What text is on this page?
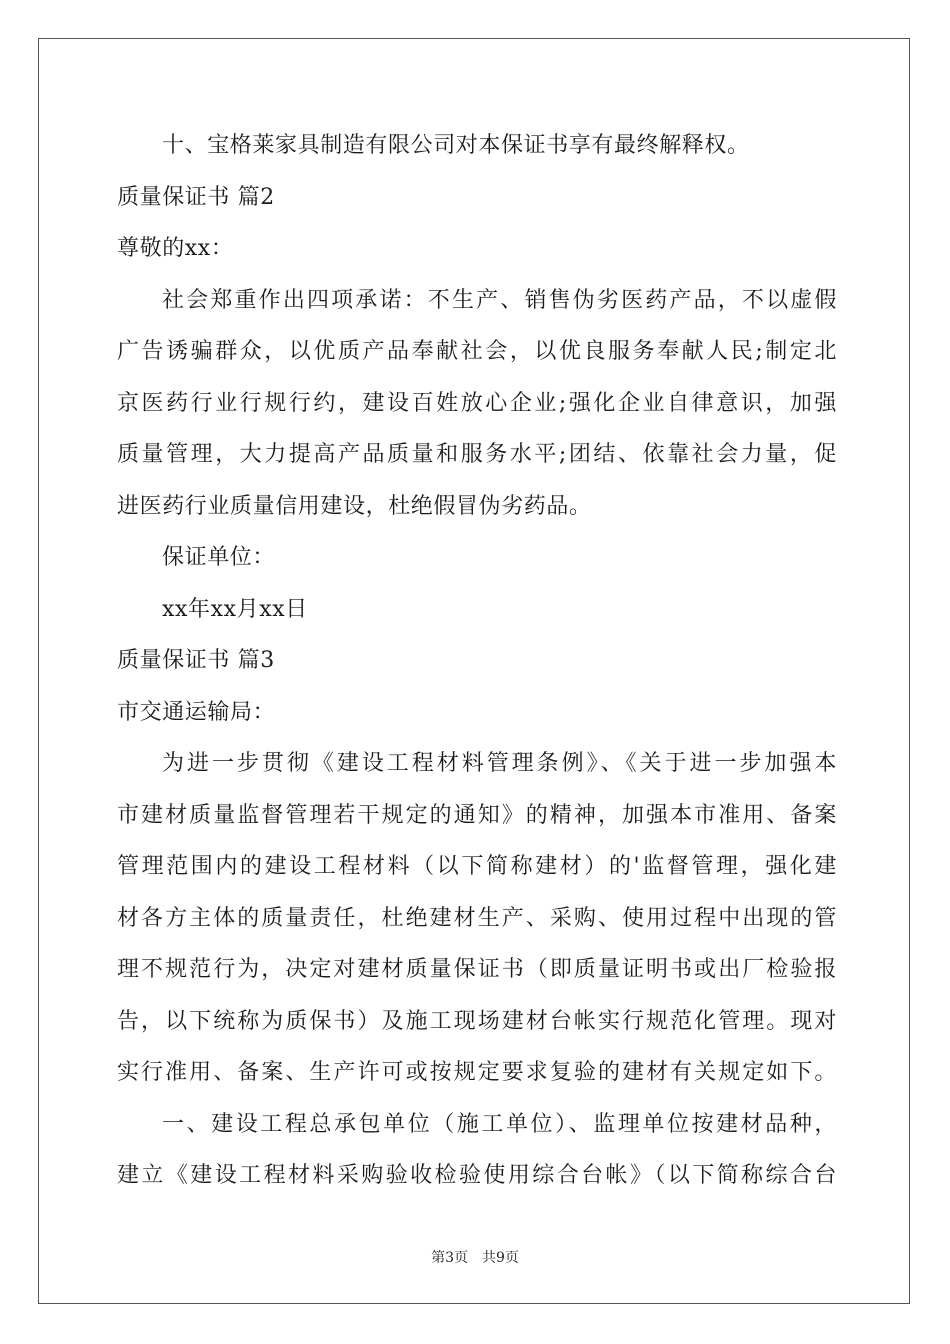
十、宝格莱家具制造有限公司对本保证书享有最终解释权。
质量保证书 篇2
尊敬的xx：
社会郑重作出四项承诺：不生产、销售伪劣医药产品，不以虚假
广告诱骗群众，以优质产品奉献社会，以优良服务奉献人民;制定北
京医药行业行规行约，建设百姓放心企业;强化企业自律意识，加强
质量管理，大力提高产品质量和服务水平;团结、依靠社会力量，促
进医药行业质量信用建设，杜绝假冒伪劣药品。
保证单位：
xx年xx月xx日
质量保证书 篇3
市交通运输局：
为进一步贯彻《建设工程材料管理条例》、《关于进一步加强本
市建材质量监督管理若干规定的通知》的精神，加强本市准用、备案
管理范围内的建设工程材料（以下简称建材）的'监督管理，强化建
材各方主体的质量责任，杜绝建材生产、采购、使用过程中出现的管
理不规范行为，决定对建材质量保证书（即质量证明书或出厂检验报
告，以下统称为质保书）及施工现场建材台帐实行规范化管理。现对
实行准用、备案、生产许可或按规定要求复验的建材有关规定如下。
一、建设工程总承包单位（施工单位）、监理单位按建材品种，
建立《建设工程材料采购验收检验使用综合台帐》（以下简称综合台
第3页 共9页
